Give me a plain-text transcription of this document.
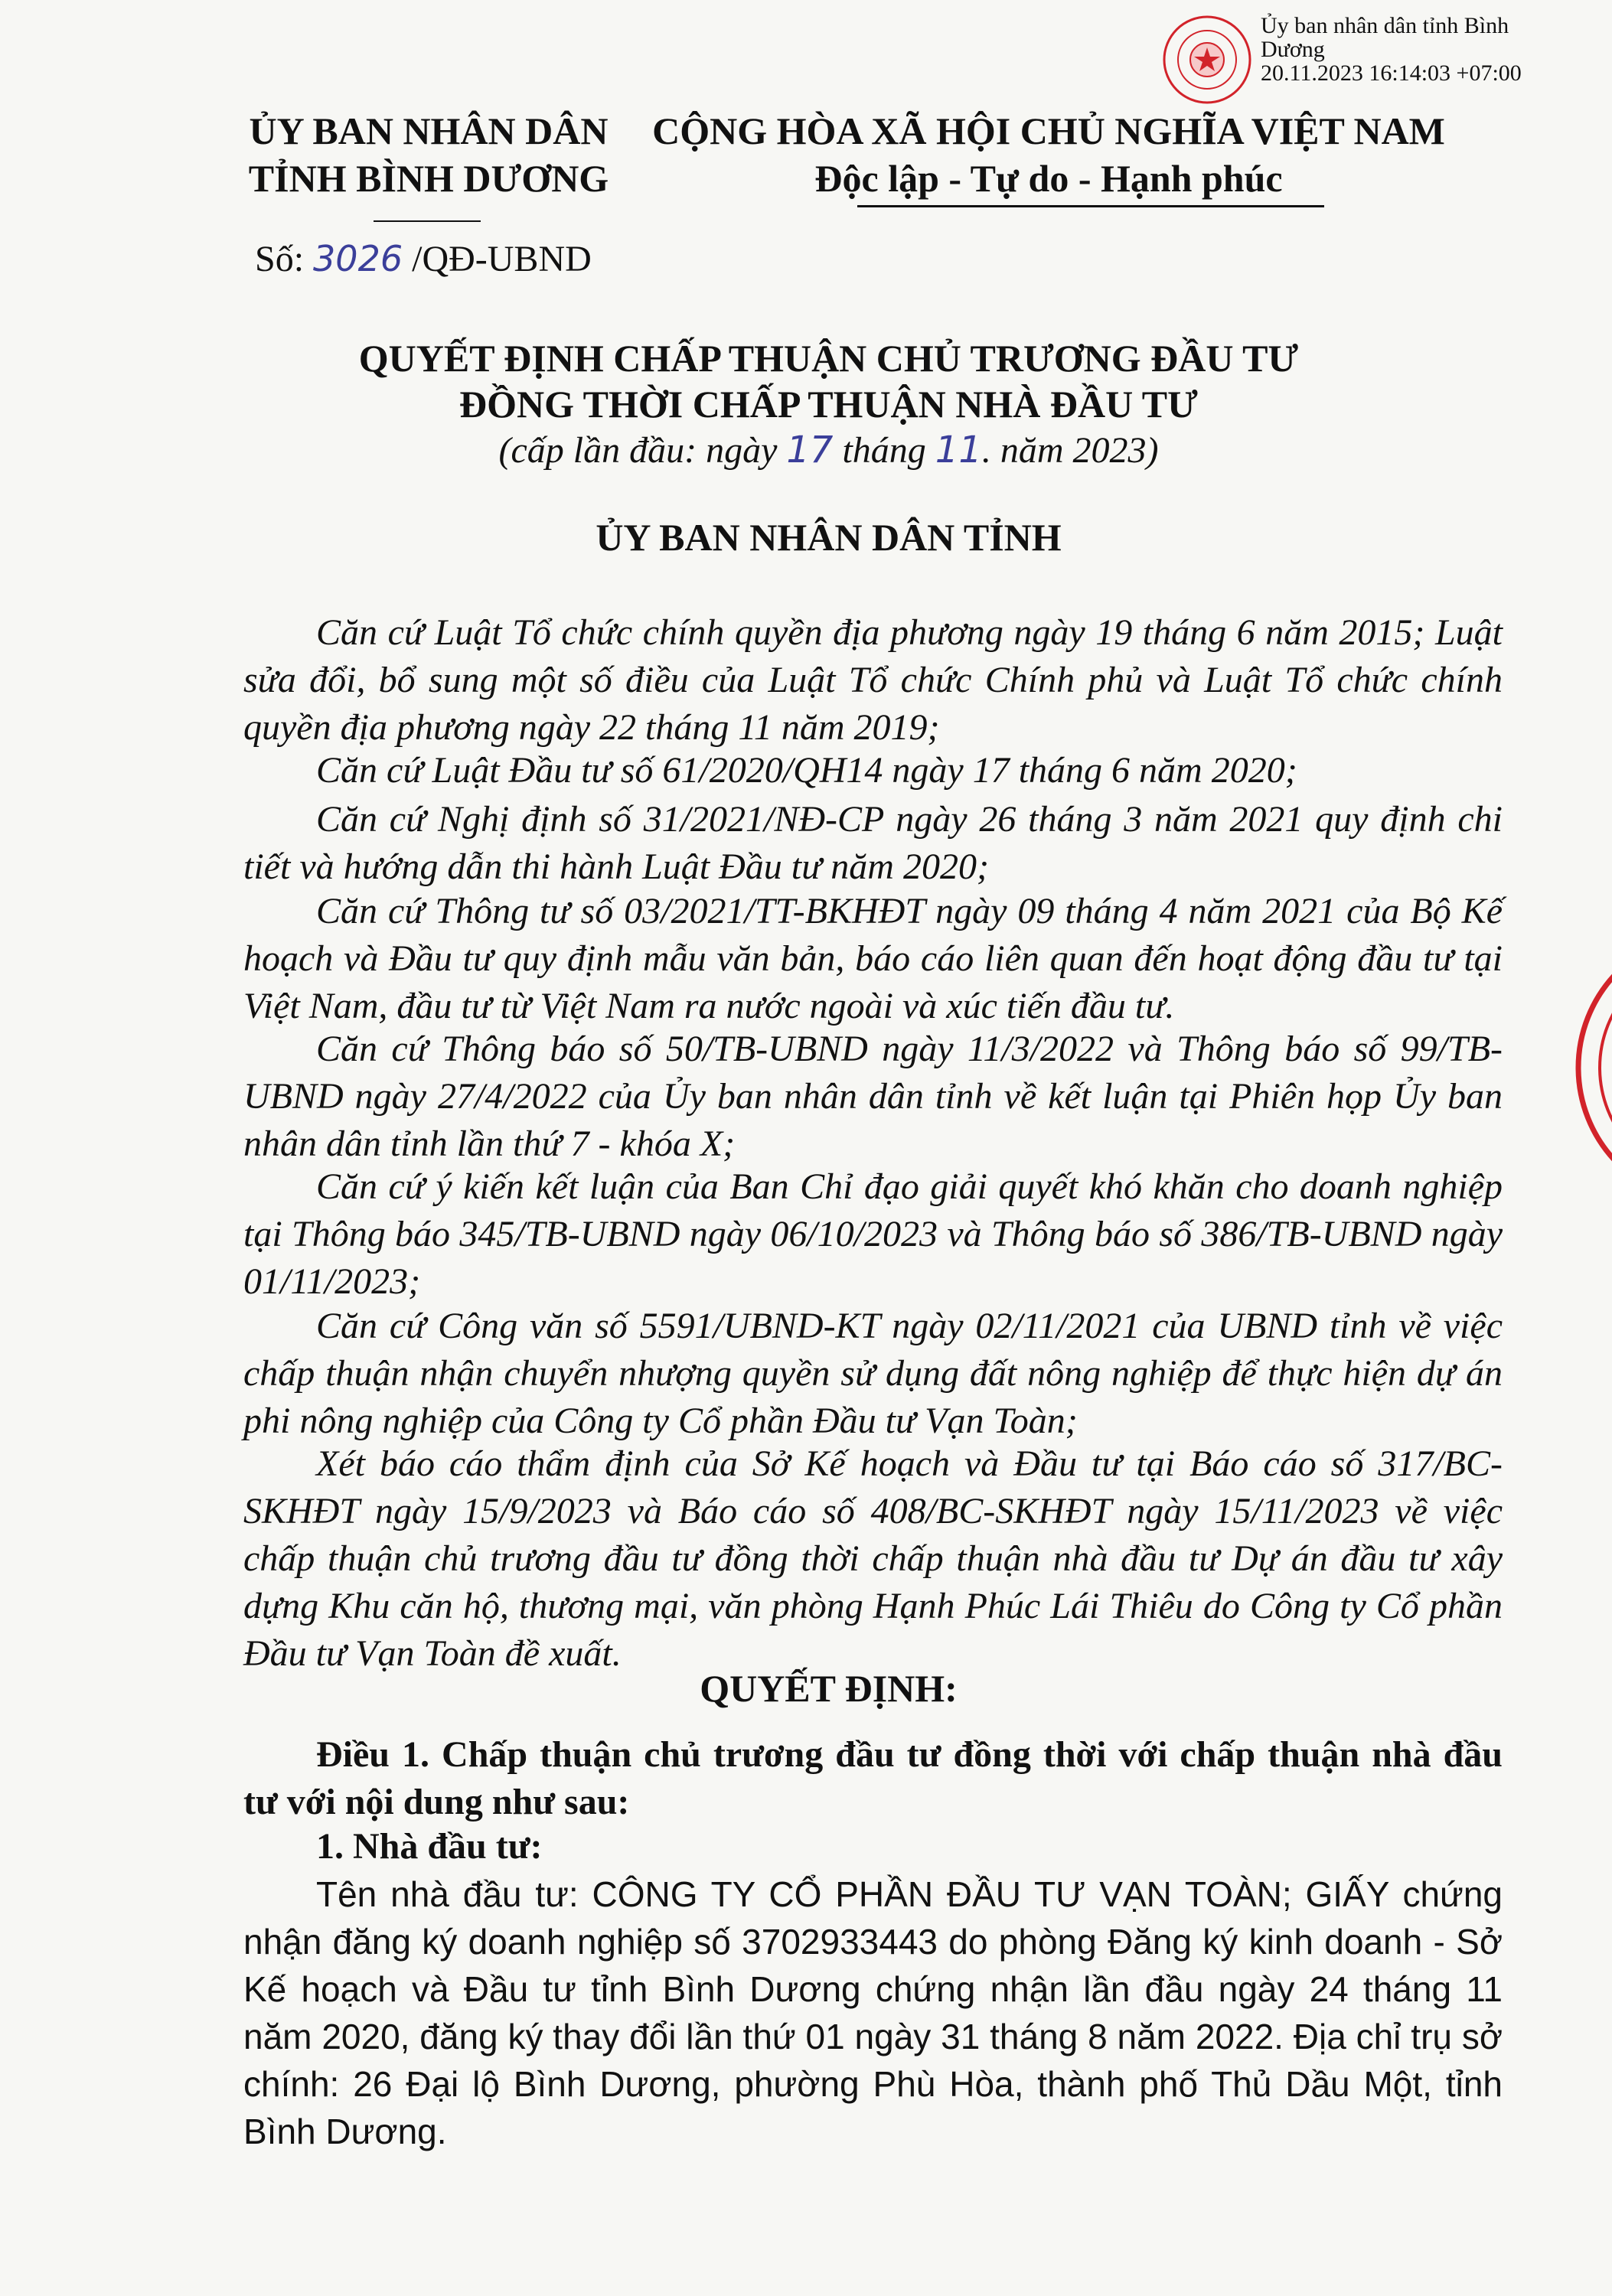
Ủy ban nhân dân tỉnh Bình
Dương
20.11.2023 16:14:03 +07:00
ỦY BAN NHÂN DÂN
TỈNH BÌNH DƯƠNG
CỘNG HÒA XÃ HỘI CHỦ NGHĨA VIỆT NAM
Độc lập - Tự do - Hạnh phúc
Số: 3026 /QĐ-UBND
QUYẾT ĐỊNH CHẤP THUẬN CHỦ TRƯƠNG ĐẦU TƯ
ĐỒNG THỜI CHẤP THUẬN NHÀ ĐẦU TƯ
(cấp lần đầu: ngày 17 tháng 11. năm 2023)
ỦY BAN NHÂN DÂN TỈNH

Căn cứ Luật Tổ chức chính quyền địa phương ngày 19 tháng 6 năm 2015; Luật sửa đổi, bổ sung một số điều của Luật Tổ chức Chính phủ và Luật Tổ chức chính quyền địa phương ngày 22 tháng 11 năm 2019;

Căn cứ Luật Đầu tư số 61/2020/QH14 ngày 17 tháng 6 năm 2020;

Căn cứ Nghị định số 31/2021/NĐ-CP ngày 26 tháng 3 năm 2021 quy định chi tiết và hướng dẫn thi hành Luật Đầu tư năm 2020;

Căn cứ Thông tư số 03/2021/TT-BKHĐT ngày 09 tháng 4 năm 2021 của Bộ Kế hoạch và Đầu tư quy định mẫu văn bản, báo cáo liên quan đến hoạt động đầu tư tại Việt Nam, đầu tư từ Việt Nam ra nước ngoài và xúc tiến đầu tư.

Căn cứ Thông báo số 50/TB-UBND ngày 11/3/2022 và Thông báo số 99/TB-UBND ngày 27/4/2022 của Ủy ban nhân dân tỉnh về kết luận tại Phiên họp Ủy ban nhân dân tỉnh lần thứ 7 - khóa X;

Căn cứ ý kiến kết luận của Ban Chỉ đạo giải quyết khó khăn cho doanh nghiệp tại Thông báo 345/TB-UBND ngày 06/10/2023 và Thông báo số 386/TB-UBND ngày 01/11/2023;

Căn cứ Công văn số 5591/UBND-KT ngày 02/11/2021 của UBND tỉnh về việc chấp thuận nhận chuyển nhượng quyền sử dụng đất nông nghiệp để thực hiện dự án phi nông nghiệp của Công ty Cổ phần Đầu tư Vạn Toàn;

Xét báo cáo thẩm định của Sở Kế hoạch và Đầu tư tại Báo cáo số 317/BC-SKHĐT ngày 15/9/2023 và Báo cáo số 408/BC-SKHĐT ngày 15/11/2023 về việc chấp thuận chủ trương đầu tư đồng thời chấp thuận nhà đầu tư Dự án đầu tư xây dựng Khu căn hộ, thương mại, văn phòng Hạnh Phúc Lái Thiêu do Công ty Cổ phần Đầu tư Vạn Toàn đề xuất.

QUYẾT ĐỊNH:

Điều 1. Chấp thuận chủ trương đầu tư đồng thời với chấp thuận nhà đầu tư với nội dung như sau:

1. Nhà đầu tư:

Tên nhà đầu tư: CÔNG TY CỔ PHẦN ĐẦU TƯ VẠN TOÀN; GIẤY chứng nhận đăng ký doanh nghiệp số 3702933443 do phòng Đăng ký kinh doanh - Sở Kế hoạch và Đầu tư tỉnh Bình Dương chứng nhận lần đầu ngày 24 tháng 11 năm 2020, đăng ký thay đổi lần thứ 01 ngày 31 tháng 8 năm 2022. Địa chỉ trụ sở chính: 26 Đại lộ Bình Dương, phường Phù Hòa, thành phố Thủ Dầu Một, tỉnh Bình Dương.
